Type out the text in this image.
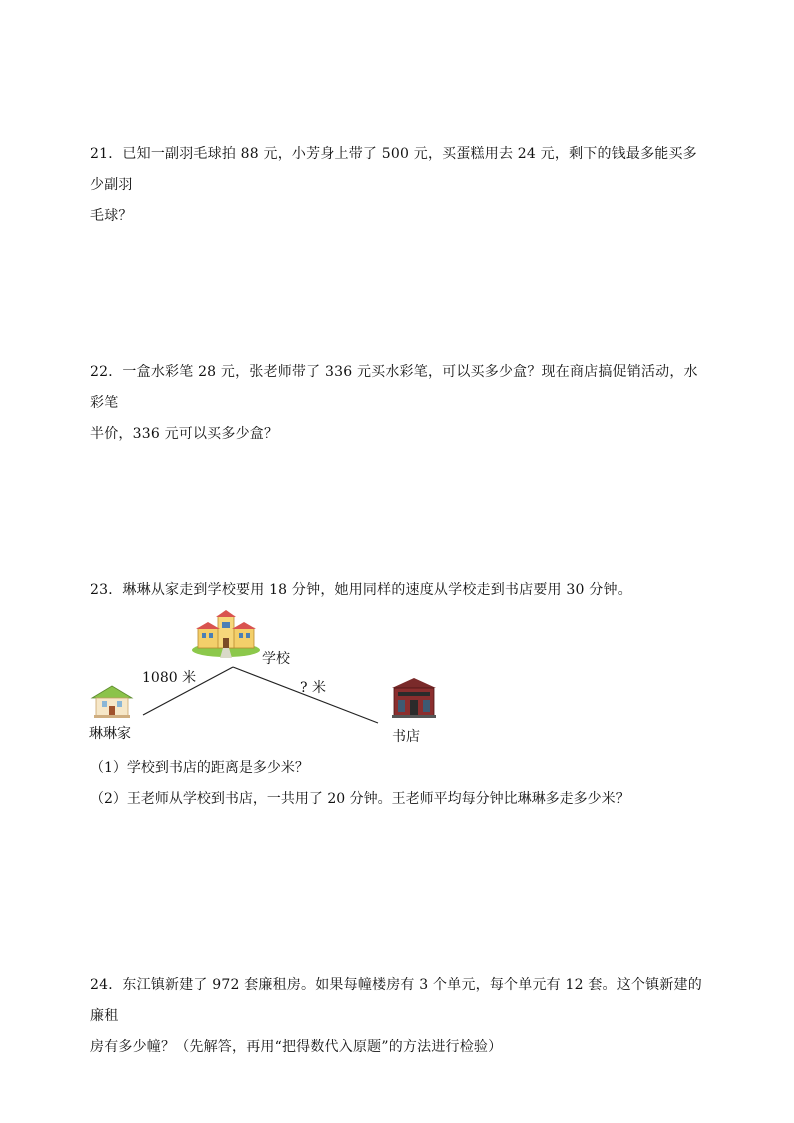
21．已知一副羽毛球拍 88 元，小芳身上带了 500 元，买蛋糕用去 24 元，剩下的钱最多能买多少副羽

毛球？

22．一盒水彩笔 28 元，张老师带了 336 元买水彩笔，可以买多少盒？现在商店搞促销活动，水彩笔

半价，336 元可以买多少盒？

23．琳琳从家走到学校要用 18 分钟，她用同样的速度从学校走到书店要用 30 分钟。

学校
1080 米
? 米
琳琳家	书店
（1）学校到书店的距离是多少米？
（2）王老师从学校到书店，一共用了 20 分钟。王老师平均每分钟比琳琳多走多少米？

24．东江镇新建了 972 套廉租房。如果每幢楼房有 3 个单元，每个单元有 12 套。这个镇新建的廉租

房有多少幢？（先解答，再用“把得数代入原题”的方法进行检验）
